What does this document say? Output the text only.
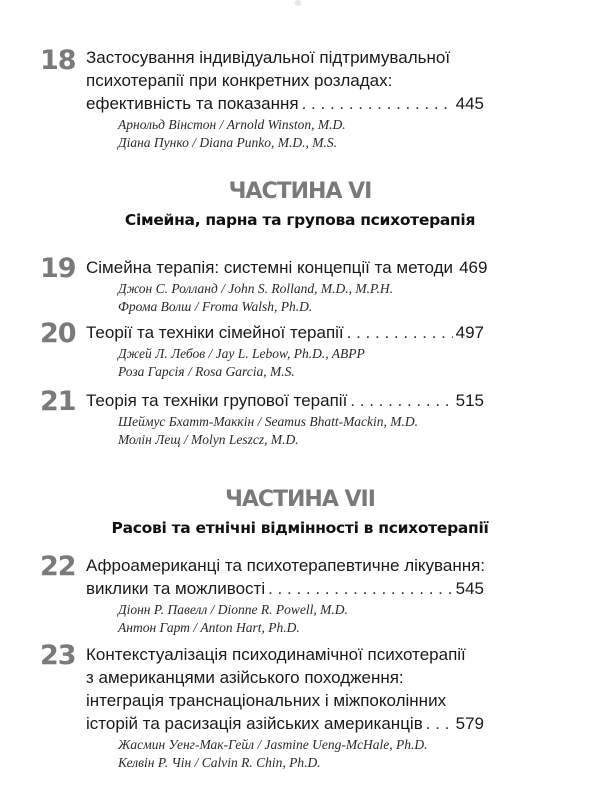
18 Застосування індивідуальної підтримувальної
психотерапії при конкретних розладах:
ефективність та показання . . .	445
Арнольд Вінстон / Arnold Winston, M.D.
Діана Пунко / Diana Punko, M.D., M.S.
ЧАСТИНА VI
Сімейна, парна та групова психотерапія
19 Сімейна терапія: системні концепції та методи 469
Джон С. Ролланд / John S. Rolland, M.D., M.P.H.
Фрома Волш / Froma Walsh, Ph.D.
20 Теорії та техніки сімейної терапії . . .	497
Джей Л. Лебов / Jay L. Lebow, Ph.D., ABPP
Роза Гарсія / Rosa Garcia, M.S.
21 Теорія та техніки групової терапії . . .	515
Шеймус Бхатт-Маккін / Seamus Bhatt-Mackin, M.D.
Молін Лещ / Molyn Leszcz, M.D.
ЧАСТИНА VII
Расові та етнічні відмінності в психотерапії
22 Афроамериканці та психотерапевтичне лікування:
виклики та можливості . . .	545
Діонн Р. Павелл / Dionne R. Powell, M.D.
Антон Гарт / Anton Hart, Ph.D.
23 Контекстуалізація психодинамічної психотерапії
з американцями азійського походження:
інтеграція транснаціональних і міжпоколінних
історій та расизація азійських американців . . . 579
Жасмин Уенг-Мак-Гейл / Jasmine Ueng-McHale, Ph.D.
Келвін Р. Чін / Calvin R. Chin, Ph.D.
